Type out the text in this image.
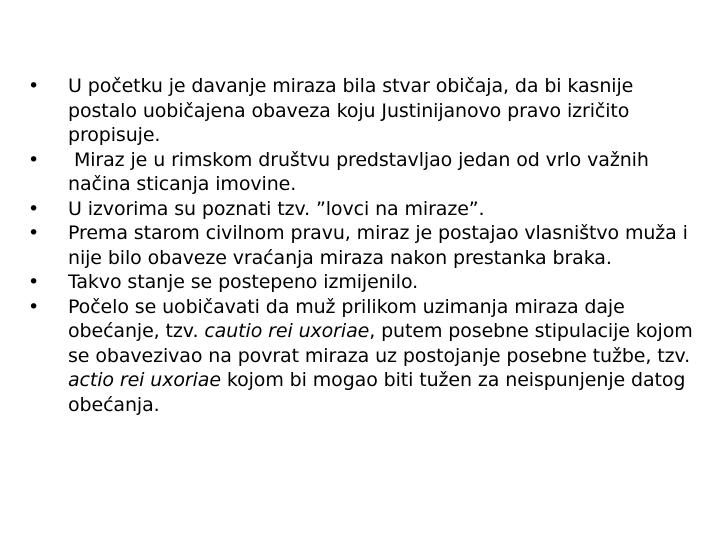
•	U početku je davanje miraza bila stvar običaja, da bi kasnije postalo uobičajena obaveza koju Justinijanovo pravo izričito propisuje.
•	Miraz je u rimskom društvu predstavljao jedan od vrlo važnih načina sticanja imovine.
•	U izvorima su poznati tzv. ”lovci na miraze”.
•	Prema starom civilnom pravu, miraz je postajao vlasništvo muža i nije bilo obaveze vraćanja miraza nakon prestanka braka.
•	Takvo stanje se postepeno izmijenilo.
•	Počelo se uobičavati da muž prilikom uzimanja miraza daje obećanje, tzv. cautio rei uxoriae, putem posebne stipulacije kojom se obavezivao na povrat miraza uz postojanje posebne tužbe, tzv. actio rei uxoriae kojom bi mogao biti tužen za neispunjenje datog obećanja.
